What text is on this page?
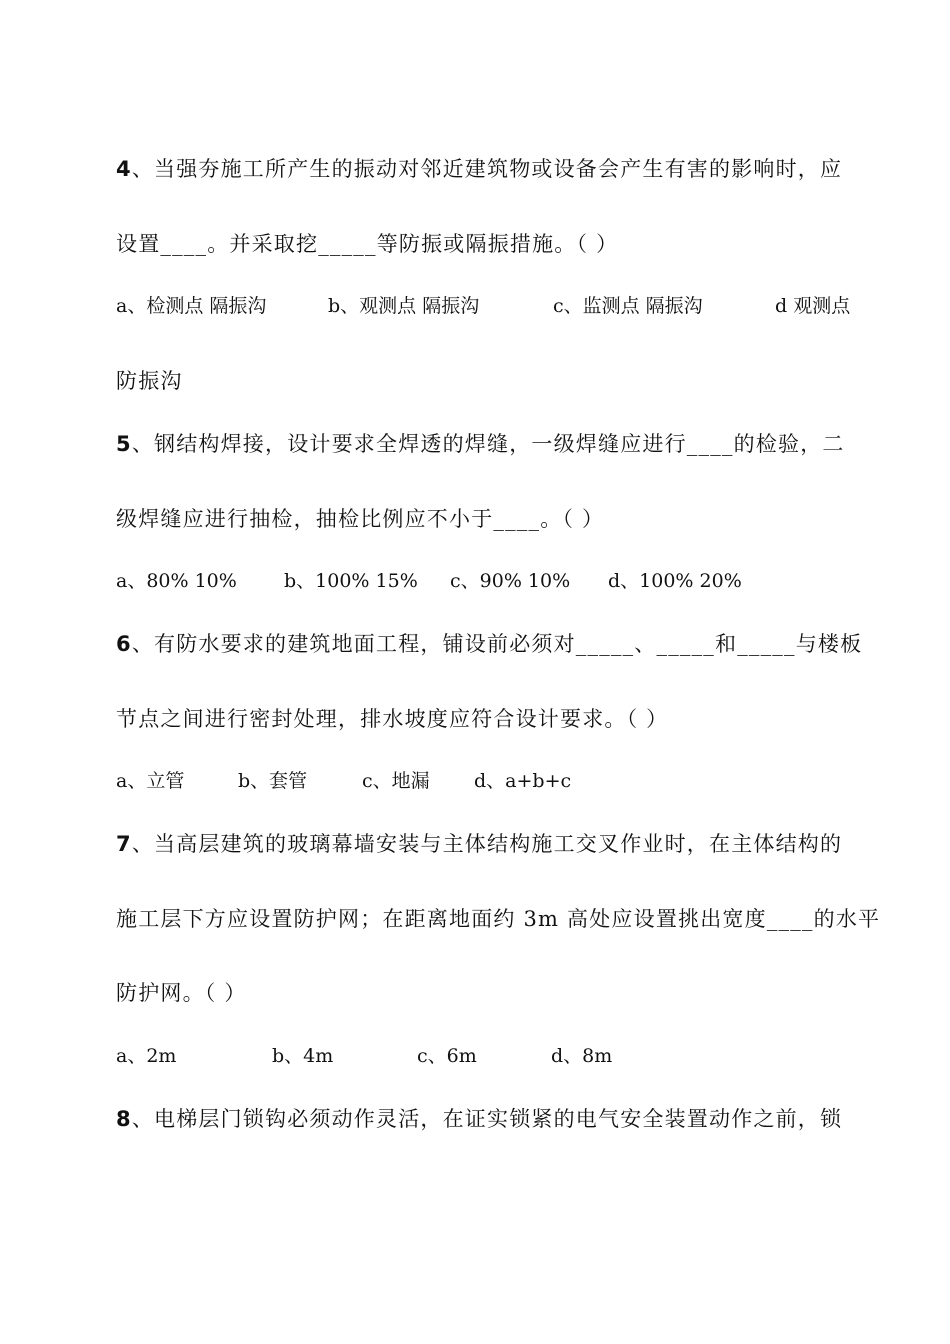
4、当强夯施工所产生的振动对邻近建筑物或设备会产生有害的影响时，应
设置____。并采取挖_____等防振或隔振措施。（ ）
a、检测点 隔振沟	b、观测点 隔振沟	c、监测点 隔振沟	d 观测点
防振沟
5、钢结构焊接，设计要求全焊透的焊缝，一级焊缝应进行____的检验，二
级焊缝应进行抽检，抽检比例应不小于____。（ ）
a、80% 10% b、100% 15% c、90% 10% d、100% 20%
6、有防水要求的建筑地面工程，铺设前必须对_____、_____和_____与楼板
节点之间进行密封处理，排水坡度应符合设计要求。（ ）
a、立管	b、套管	c、地漏 d、a+b+c
7、当高层建筑的玻璃幕墙安装与主体结构施工交叉作业时，在主体结构的
施工层下方应设置防护网；在距离地面约 3m 高处应设置挑出宽度____的水平
防护网。（ ）
a、2m	b、4m	c、6m	d、8m
8、电梯层门锁钩必须动作灵活，在证实锁紧的电气安全装置动作之前，锁
